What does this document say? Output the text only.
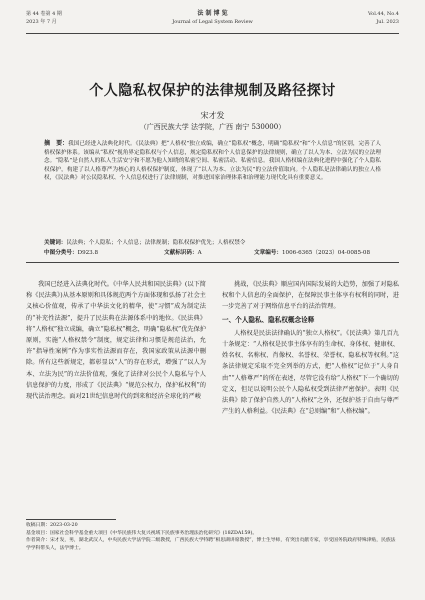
第 44 卷第 4 期
2023 年 7 月
法 制 博 览
Journal of Legal System Review
Vol.44, No.4
Jul. 2023
个人隐私权保护的法律规制及路径探讨
宋才发
（广西民族大学 法学院，广西 南宁 530000）
摘　要：我国已经进入法典化时代。《民法典》把“人格权”独立成编，确立“隐私权”概念，明确“隐私权”和“个人信息”的区别，完善了人格权保护体系。该编从“私权”视角界定隐私权与个人信息，规定隐私权和个人信息保护的法律规则，确立了以人为本、立法为民的立法理念。“隐私”是自然人的私人生活安宁和不愿为他人知晓的私密空间、私密活动、私密信息。我国人格权编在法典化进程中强化了个人隐私权保护，构建了以人格尊严为核心的人格权保护制度，体现了“以人为本、立法为民”的立法价值取向。个人隐私是法律确认的独立人格权，《民法典》对公民隐私权、个人信息权进行了法律规制，对推进国家治理体系和治理能力现代化具有重要意义。
关键词：民法典；个人隐私；个人信息；法律规制；隐私权保护优先；人格权禁令
中图分类号：D923.8	文献标识码：A	文章编号：1006-6365（2023）04-0085-08
我国已经进入法典化时代。《中华人民共和国民法典》(以下简称《民法典》)从基本原则和具体规范两个方面体现和弘扬了社会主义核心价值观，传承了中华法文化的精华，使“习惯”成为制定法的“补充性法源”，提升了民法典在法源体系中的地位。《民法典》将“人格权”独立成编，确立“隐私权”概念，明确“隐私权”优先保护原则，实施“人格权禁令”制度，规定法律和习惯是规范法治，允许“指导性案例”作为事实性法源而存在，我国家政策从法源中删除。所有这些新规定，都彰显以“人”的存在形式，增强了“以人为本、立法为民”的立法价值观，强化了法律对公民个人隐私与个人信息保护的力度，形成了《民法典》“规范公权力，保护私权利”的现代法治理念。面对21世纪信息时代的到来和经济全球化的严峻
挑战，《民法典》顺应国内国际发展的大趋势，加强了对隐私权和个人信息的全面保护，在保障民事主体享有权利的同时，进一步完善了对于网络信息平台的法治管理。
一、个人隐私、隐私权概念诠释
人格权是民法法律确认的“独立人格权”。《民法典》第几百九十条规定：“人格权是民事主体享有的生命权、身体权、健康权、姓名权、名称权、肖像权、名誉权、荣誉权、隐私权等权利。”这条法律规定采取不完全列举的方式，把“人格权”记位于“人身自由”“人格尊严”的所在表述，尽管它没有给“人格权”下一个确切的定义，但足以说明公民个人隐私权受到法律严密保护。表明《民法典》除了保护自然人的“人格权”之外，还保护基于自由与尊严产生的人格利益。《民法典》在“总则编”和“人格权编”。
收稿日期：2023-03-20
基金项目：国家社会科学基金重大项目《中华民族伟大复兴视域下民族事务治理法治化研究》(18ZDA159)。
作者简介：宋才发，男，湖北武汉人，中央民族大学法学院二级教授，广西民族大学特聘“相思湖讲席教授”，博士生导师，有突出贡献专家，享受国务院政府特殊津贴，民族法学学科带头人，法学博士。
